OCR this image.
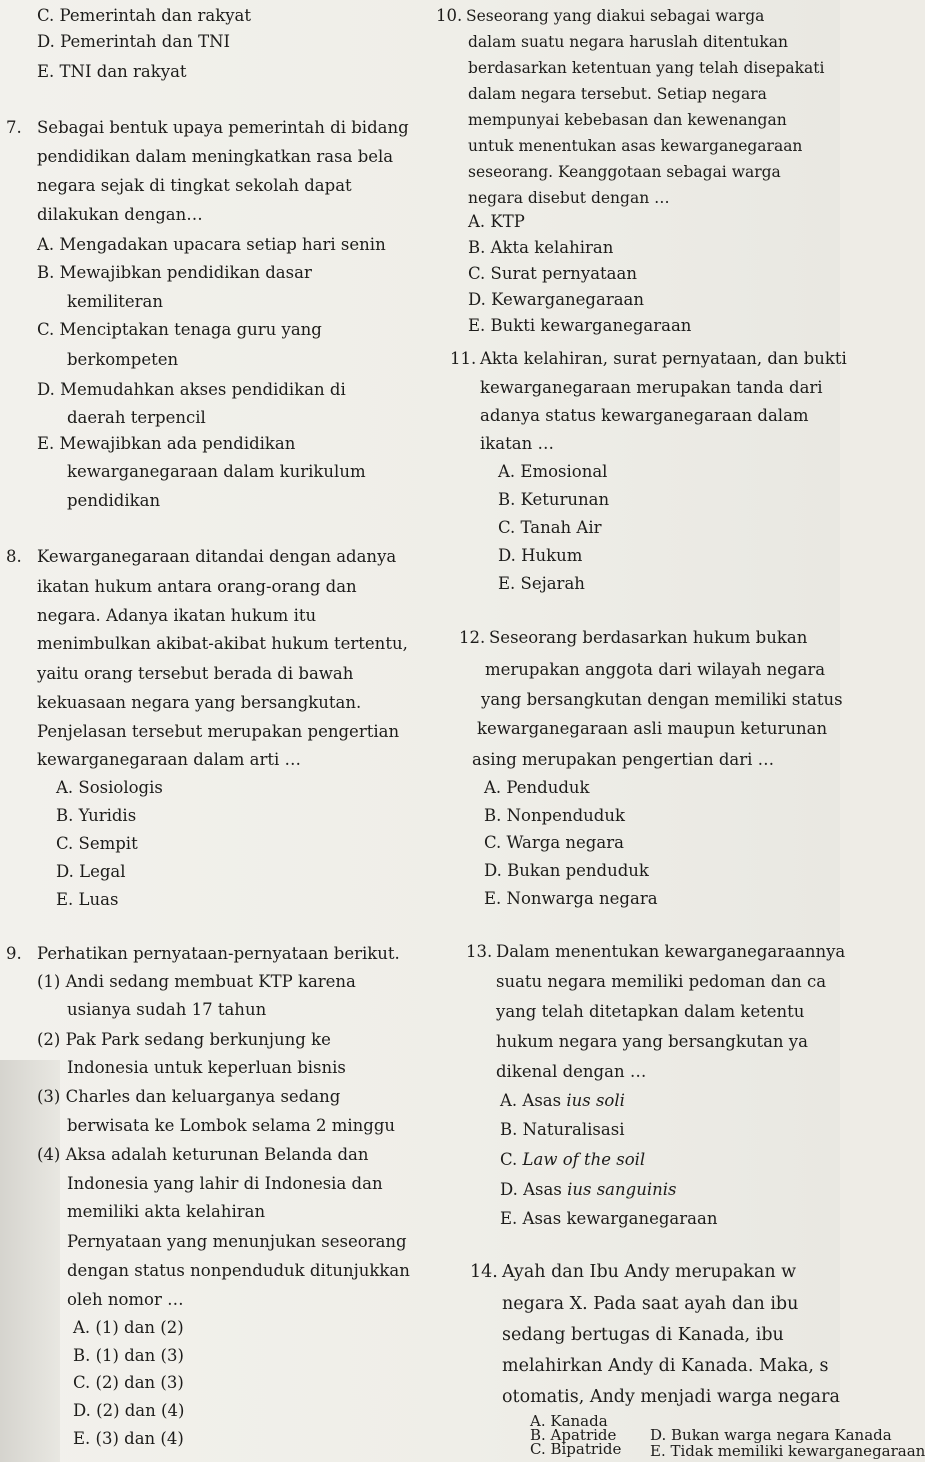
C. Pemerintah dan rakyat
D. Pemerintah dan TNI
E. TNI dan rakyat
7. Sebagai bentuk upaya pemerintah di bidang
pendidikan dalam meningkatkan rasa bela
negara sejak di tingkat sekolah dapat
dilakukan dengan…
A. Mengadakan upacara setiap hari senin
B. Mewajibkan pendidikan dasar
kemiliteran
C. Menciptakan tenaga guru yang
berkompeten
D. Memudahkan akses pendidikan di
daerah terpencil
E. Mewajibkan ada pendidikan
kewarganegaraan dalam kurikulum
pendidikan
8. Kewarganegaraan ditandai dengan adanya
ikatan hukum antara orang-orang dan
negara. Adanya ikatan hukum itu
menimbulkan akibat-akibat hukum tertentu,
yaitu orang tersebut berada di bawah
kekuasaan negara yang bersangkutan.
Penjelasan tersebut merupakan pengertian
kewarganegaraan dalam arti …
A. Sosiologis
B. Yuridis
C. Sempit
D. Legal
E. Luas
9. Perhatikan pernyataan-pernyataan berikut.
(1) Andi sedang membuat KTP karena
usianya sudah 17 tahun
(2) Pak Park sedang berkunjung ke
Indonesia untuk keperluan bisnis
(3) Charles dan keluarganya sedang
berwisata ke Lombok selama 2 minggu
(4) Aksa adalah keturunan Belanda dan
Indonesia yang lahir di Indonesia dan
memiliki akta kelahiran
Pernyataan yang menunjukan seseorang
dengan status nonpenduduk ditunjukkan
oleh nomor …
A. (1) dan (2)
B. (1) dan (3)
C. (2) dan (3)
D. (2) dan (4)
E. (3) dan (4)
10. Seseorang yang diakui sebagai warga
dalam suatu negara haruslah ditentukan
berdasarkan ketentuan yang telah disepakati
dalam negara tersebut. Setiap negara
mempunyai kebebasan dan kewenangan
untuk menentukan asas kewarganegaraan
seseorang. Keanggotaan sebagai warga
negara disebut dengan …
A. KTP
B. Akta kelahiran
C. Surat pernyataan
D. Kewarganegaraan
E. Bukti kewarganegaraan
11. Akta kelahiran, surat pernyataan, dan bukti
kewarganegaraan merupakan tanda dari
adanya status kewarganegaraan dalam
ikatan …
A. Emosional
B. Keturunan
C. Tanah Air
D. Hukum
E. Sejarah
12. Seseorang berdasarkan hukum bukan
merupakan anggota dari wilayah negara
yang bersangkutan dengan memiliki status
kewarganegaraan asli maupun keturunan
asing merupakan pengertian dari …
A. Penduduk
B. Nonpenduduk
C. Warga negara
D. Bukan penduduk
E. Nonwarga negara
13. Dalam menentukan kewarganegaraannya
suatu negara memiliki pedoman dan ca
yang telah ditetapkan dalam ketentu
hukum negara yang bersangkutan ya
dikenal dengan …
A. Asas ius soli
B. Naturalisasi
C. Law of the soil
D. Asas ius sanguinis
E. Asas kewarganegaraan
14. Ayah dan Ibu Andy merupakan w
negara X. Pada saat ayah dan ibu
sedang bertugas di Kanada, ibu
melahirkan Andy di Kanada. Maka, s
otomatis, Andy menjadi warga negara
A. Kanada
B. Apatride
C. Bipatride
D. Bukan warga negara Kanada
E. Tidak memiliki kewarganegaraan
